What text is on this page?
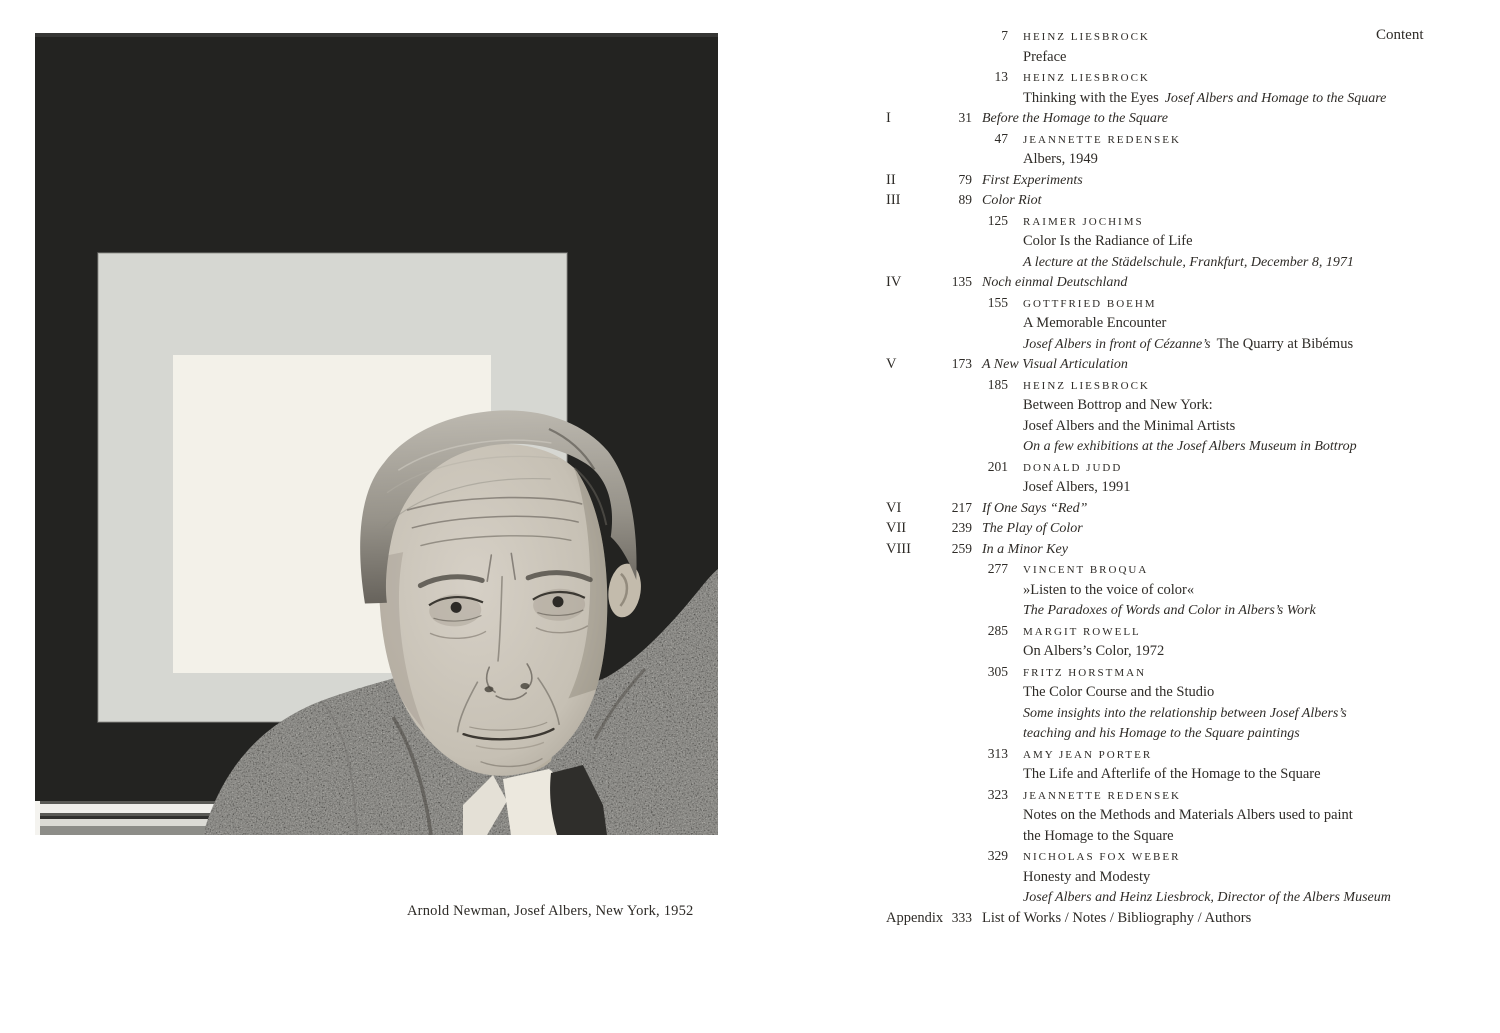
Arnold Newman, Josef Albers, New York, 1952
Content
7 HEINZ LIESBROCK
Preface
13 HEINZ LIESBROCK
Thinking with the Eyes Josef Albers and Homage to the Square
I	31 Before the Homage to the Square
47 JEANNETTE REDENSEK
Albers, 1949
II	79 First Experiments
III	89 Color Riot
125 RAIMER JOCHIMS
Color Is the Radiance of Life
A lecture at the Städelschule, Frankfurt, December 8, 1971
IV	135 Noch einmal Deutschland
155 GOTTFRIED BOEHM
A Memorable Encounter
Josef Albers in front of Cézanne’s The Quarry at Bibémus
V	173 A New Visual Articulation
185 HEINZ LIESBROCK
Between Bottrop and New York:
Josef Albers and the Minimal Artists
On a few exhibitions at the Josef Albers Museum in Bottrop
201 DONALD JUDD
Josef Albers, 1991
VI	217 If One Says “Red”
VII	239 The Play of Color
VIII	259 In a Minor Key
277 VINCENT BROQUA
»Listen to the voice of color«
The Paradoxes of Words and Color in Albers’s Work
285 MARGIT ROWELL
On Albers’s Color, 1972
305 FRITZ HORSTMAN
The Color Course and the Studio
Some insights into the relationship between Josef Albers’s
teaching and his Homage to the Square paintings
313 AMY JEAN PORTER
The Life and Afterlife of the Homage to the Square
323 JEANNETTE REDENSEK
Notes on the Methods and Materials Albers used to paint
the Homage to the Square
329 NICHOLAS FOX WEBER
Honesty and Modesty
Josef Albers and Heinz Liesbrock, Director of the Albers Museum
Appendix 333 List of Works / Notes / Bibliography / Authors
